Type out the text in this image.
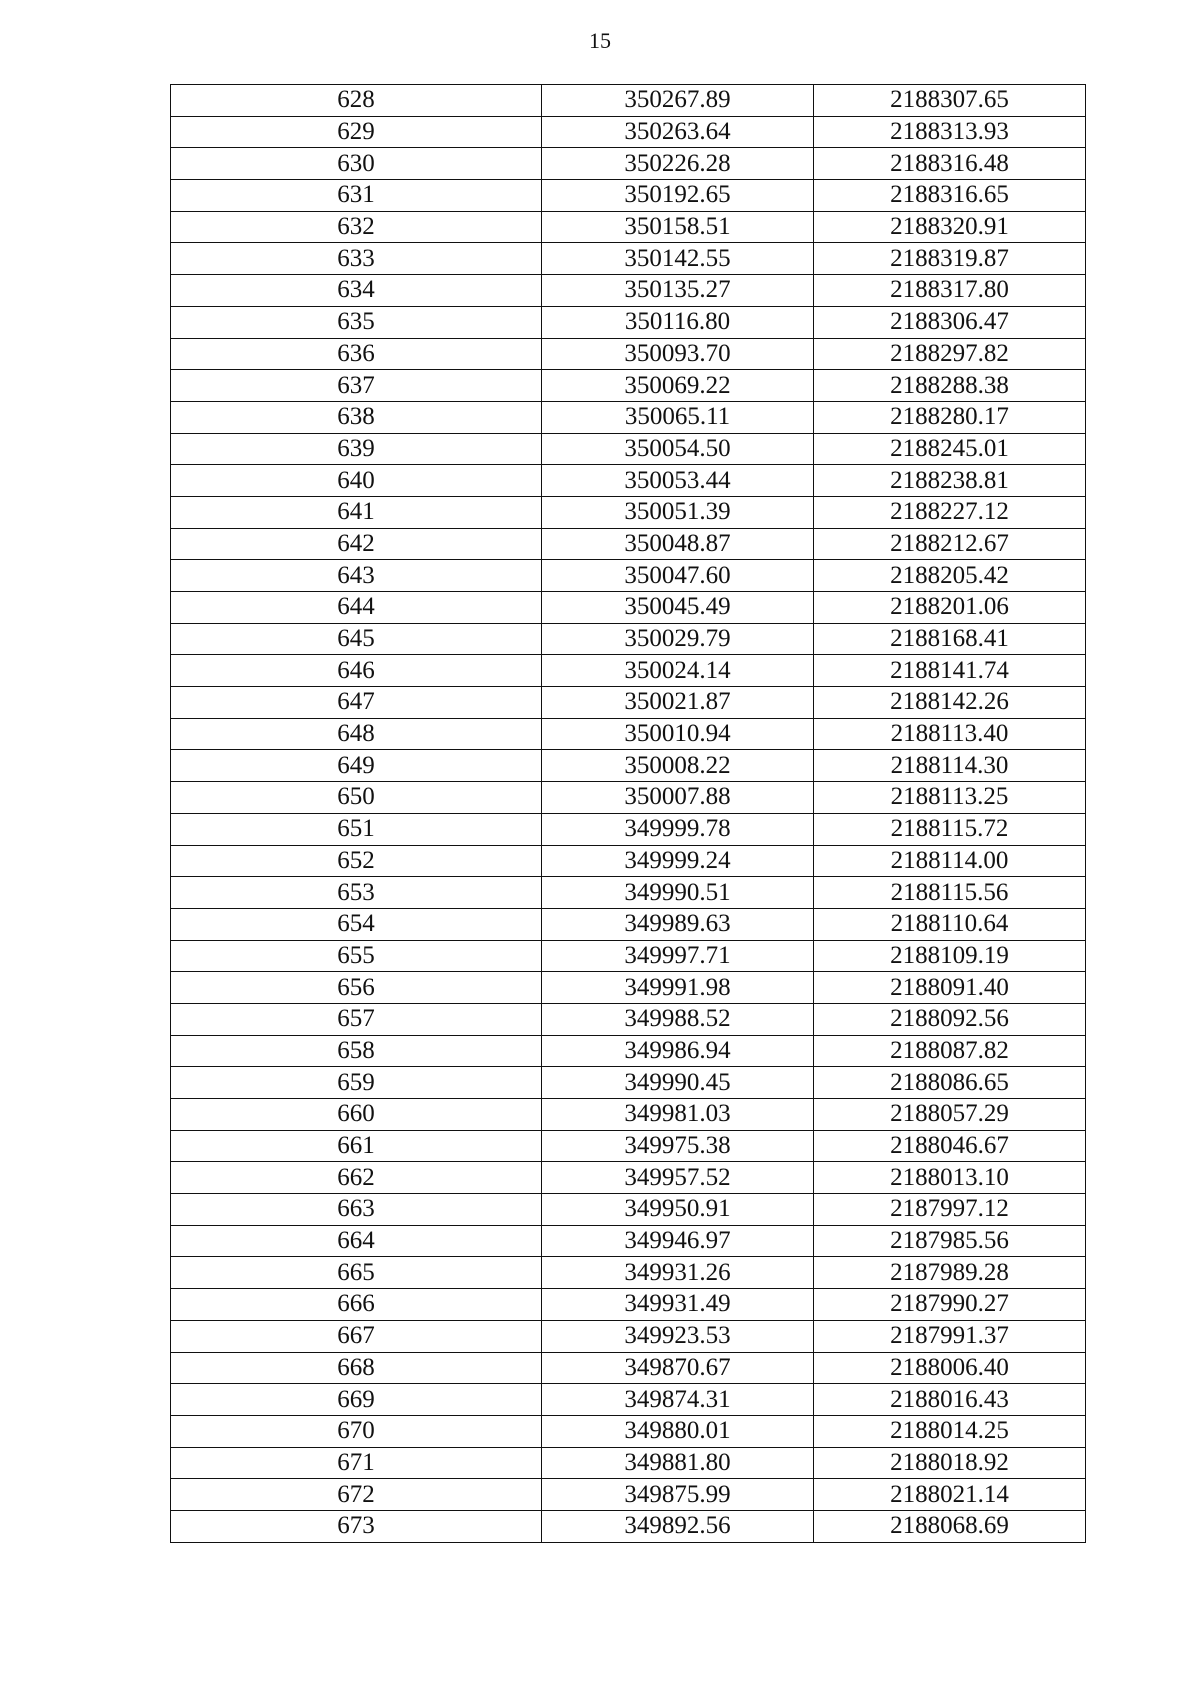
15
628	350267.89	2188307.65
629	350263.64	2188313.93
630	350226.28	2188316.48
631	350192.65	2188316.65
632	350158.51	2188320.91
633	350142.55	2188319.87
634	350135.27	2188317.80
635	350116.80	2188306.47
636	350093.70	2188297.82
637	350069.22	2188288.38
638	350065.11	2188280.17
639	350054.50	2188245.01
640	350053.44	2188238.81
641	350051.39	2188227.12
642	350048.87	2188212.67
643	350047.60	2188205.42
644	350045.49	2188201.06
645	350029.79	2188168.41
646	350024.14	2188141.74
647	350021.87	2188142.26
648	350010.94	2188113.40
649	350008.22	2188114.30
650	350007.88	2188113.25
651	349999.78	2188115.72
652	349999.24	2188114.00
653	349990.51	2188115.56
654	349989.63	2188110.64
655	349997.71	2188109.19
656	349991.98	2188091.40
657	349988.52	2188092.56
658	349986.94	2188087.82
659	349990.45	2188086.65
660	349981.03	2188057.29
661	349975.38	2188046.67
662	349957.52	2188013.10
663	349950.91	2187997.12
664	349946.97	2187985.56
665	349931.26	2187989.28
666	349931.49	2187990.27
667	349923.53	2187991.37
668	349870.67	2188006.40
669	349874.31	2188016.43
670	349880.01	2188014.25
671	349881.80	2188018.92
672	349875.99	2188021.14
673	349892.56	2188068.69
